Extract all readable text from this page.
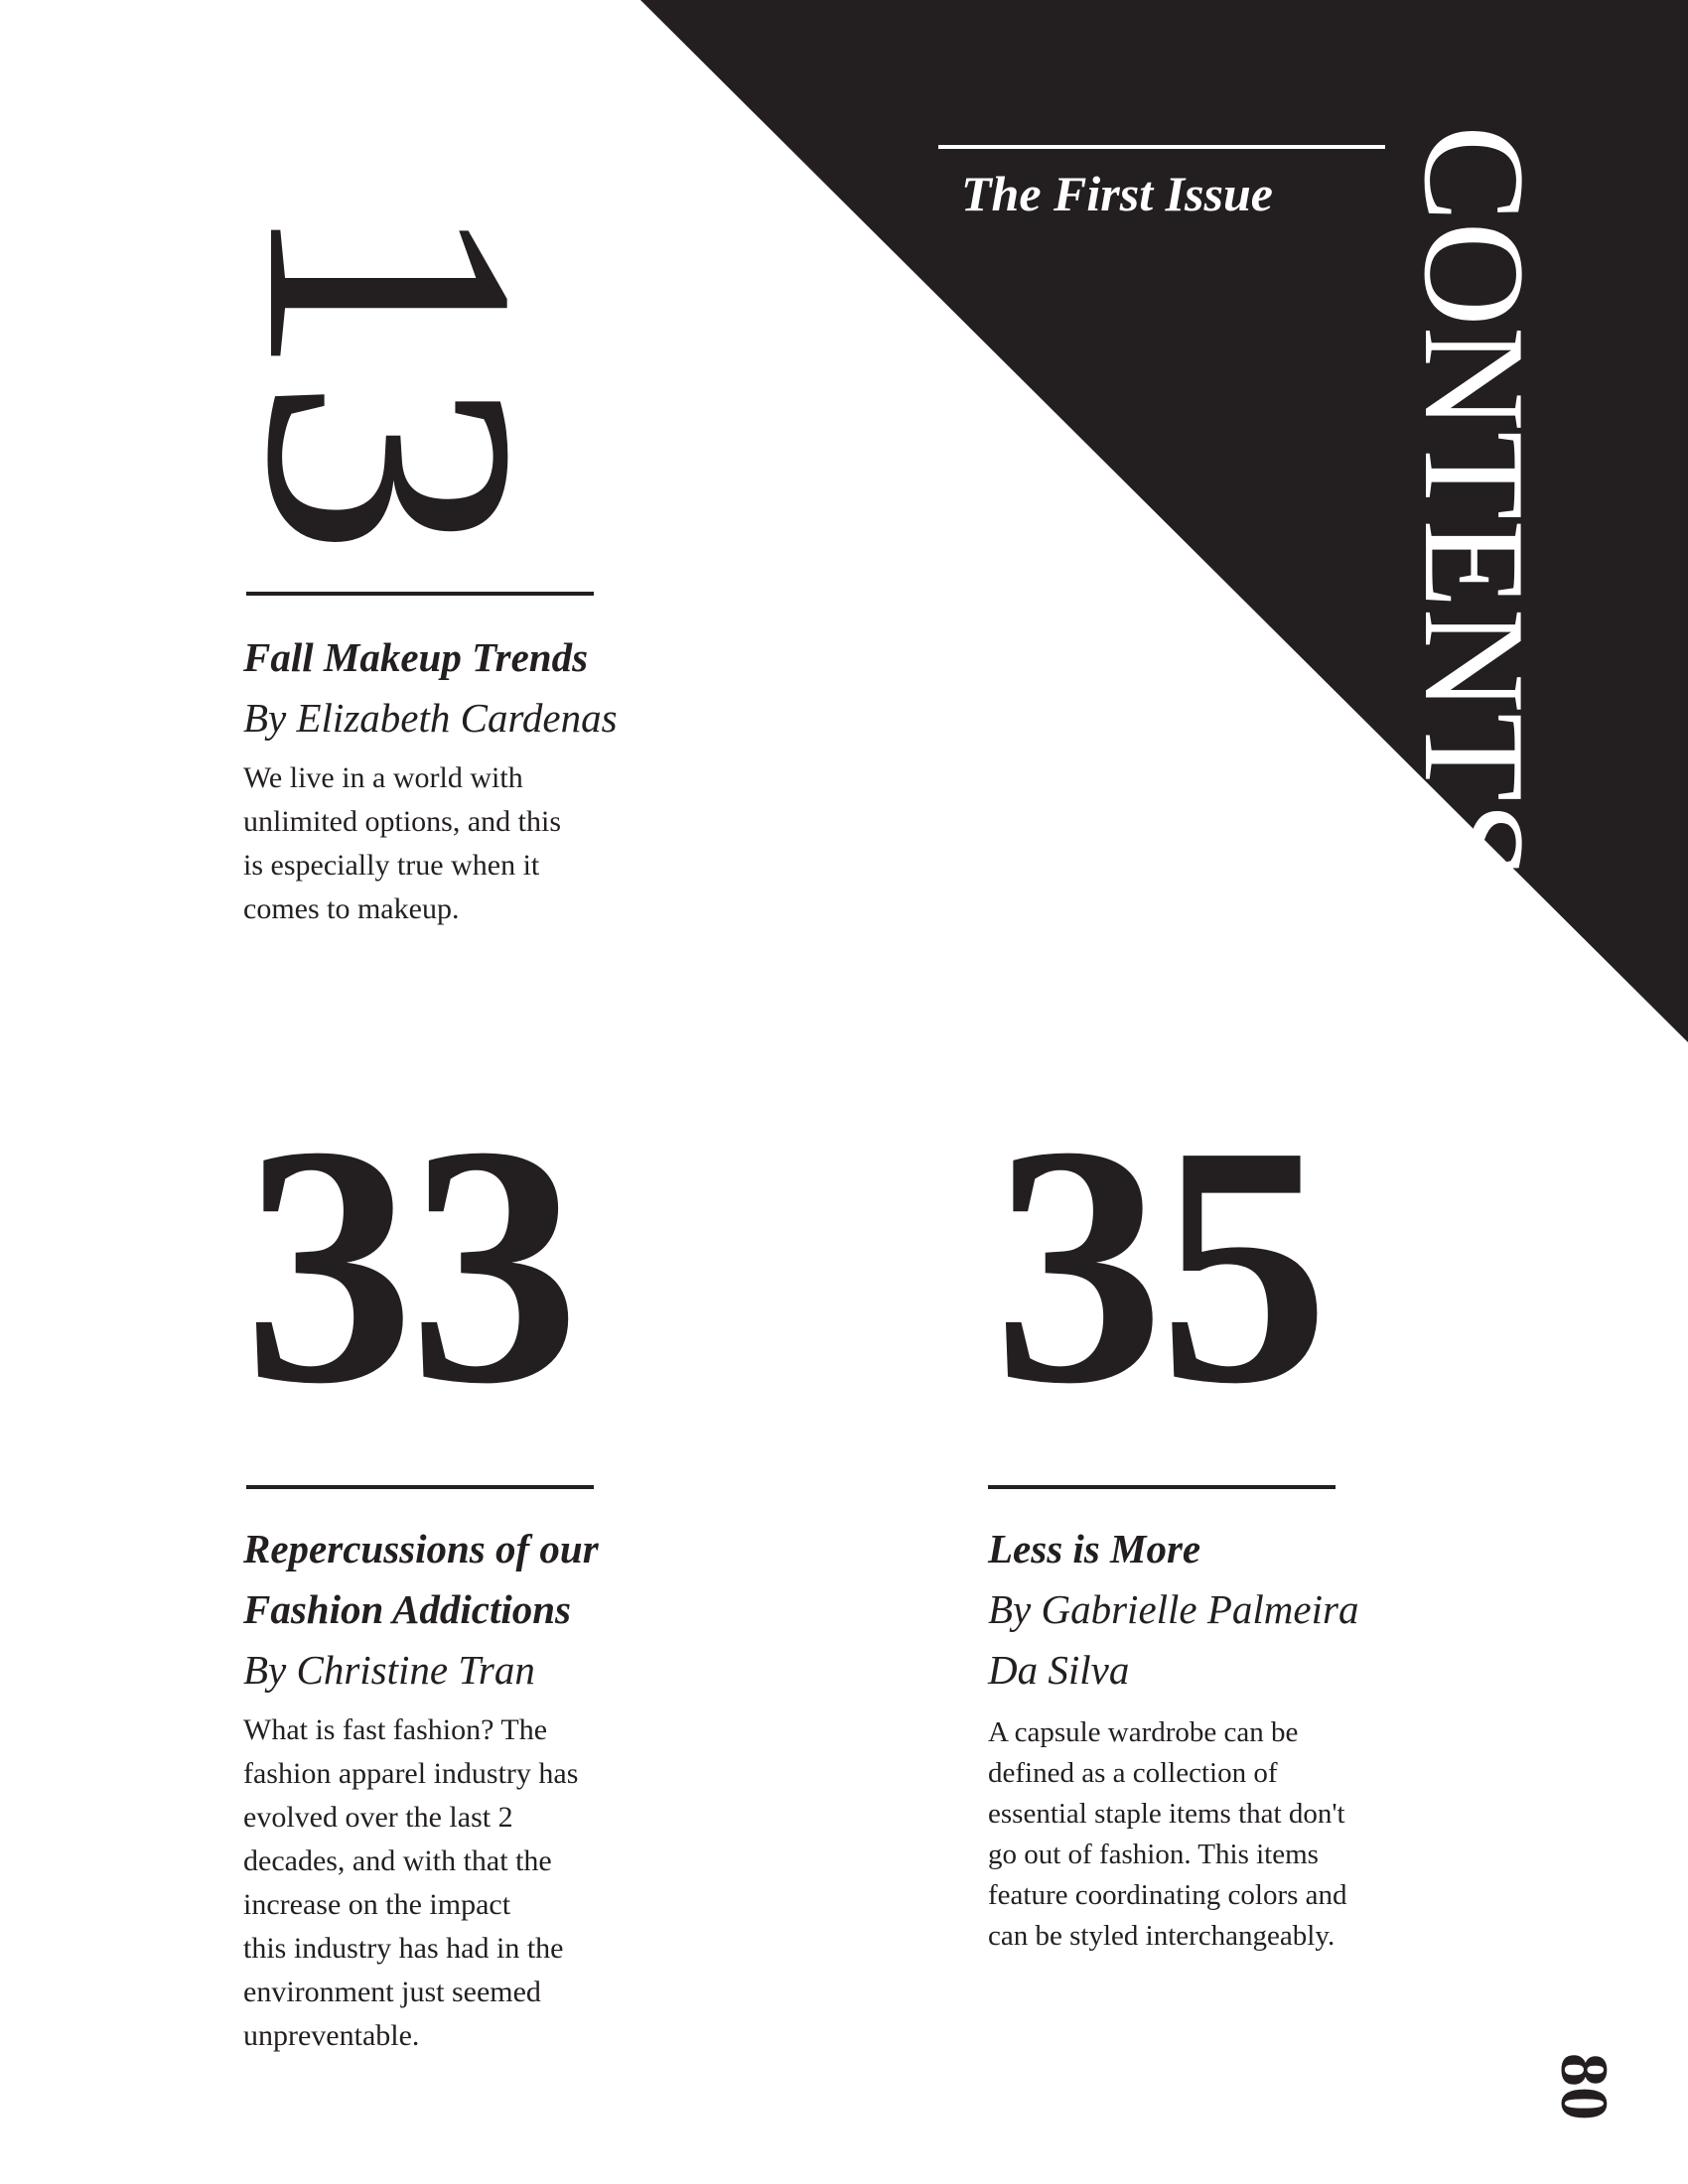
The First Issue CONTENTS
80
13

Fall Makeup Trends

By Elizabeth Cardenas

We live in a world with
unlimited options, and this
is especially true when it
comes to makeup.

33

Repercussions of our
Fashion Addictions

By Christine Tran

What is fast fashion? The
fashion apparel industry has
evolved over the last 2
decades, and with that the
increase on the impact
this industry has had in the
environment just seemed
unpreventable.

35

Less is More

By Gabrielle Palmeira
Da Silva

A capsule wardrobe can be
defined as a collection of
essential staple items that don't
go out of fashion. This items
feature coordinating colors and
can be styled interchangeably.
